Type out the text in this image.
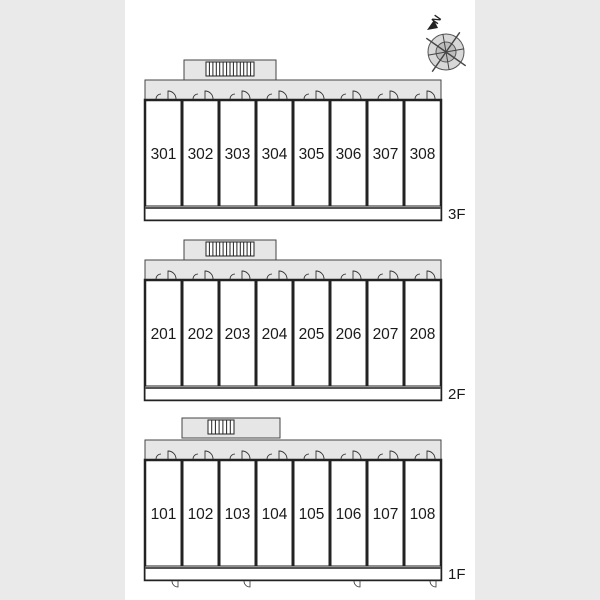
N
301 302 303 304 305 306 307 308
3F
201 202 203 204 205 206 207 208
2F
101 102 103 104 105 106 107 108
1F
